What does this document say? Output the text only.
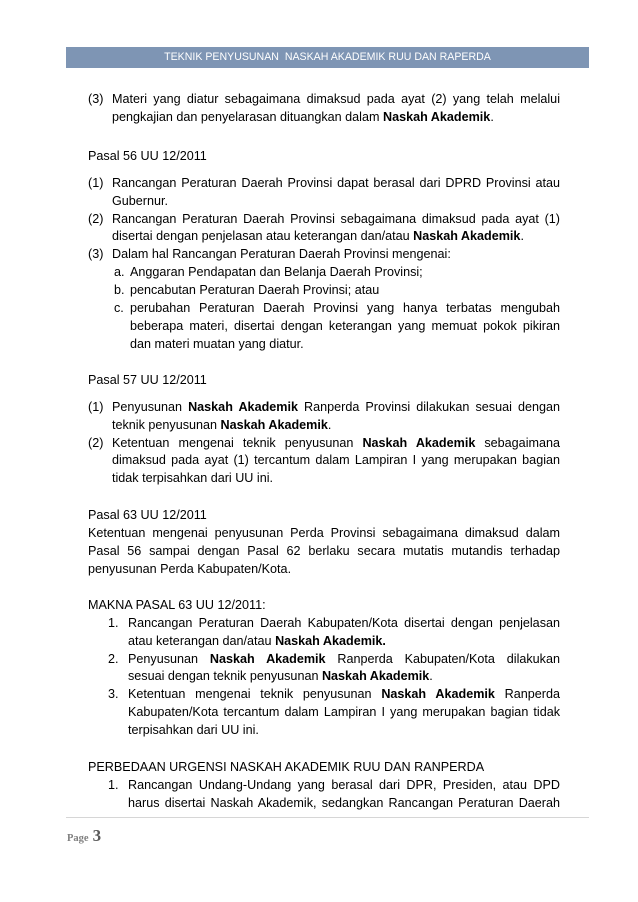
TEKNIK PENYUSUNAN  NASKAH AKADEMIK RUU DAN RAPERDA
(3) Materi yang diatur sebagaimana dimaksud pada ayat (2) yang telah melalui
pengkajian dan penyelarasan dituangkan dalam Naskah Akademik.
Pasal 56 UU 12/2011
(1) Rancangan Peraturan Daerah Provinsi dapat berasal dari DPRD Provinsi atau
Gubernur.
(2) Rancangan Peraturan Daerah Provinsi sebagaimana dimaksud pada ayat (1)
disertai dengan penjelasan atau keterangan dan/atau Naskah Akademik.
(3) Dalam hal Rancangan Peraturan Daerah Provinsi mengenai:
a. Anggaran Pendapatan dan Belanja Daerah Provinsi;
b. pencabutan Peraturan Daerah Provinsi; atau
c. perubahan Peraturan Daerah Provinsi yang hanya terbatas mengubah
beberapa materi, disertai dengan keterangan yang memuat pokok pikiran
dan materi muatan yang diatur.
Pasal 57 UU 12/2011
(1) Penyusunan Naskah Akademik Ranperda Provinsi dilakukan sesuai dengan
teknik penyusunan Naskah Akademik.
(2) Ketentuan mengenai teknik penyusunan Naskah Akademik sebagaimana
dimaksud pada ayat (1) tercantum dalam Lampiran I yang merupakan bagian
tidak terpisahkan dari UU ini.
Pasal 63 UU 12/2011
Ketentuan mengenai penyusunan Perda Provinsi sebagaimana dimaksud dalam
Pasal 56 sampai dengan Pasal 62 berlaku secara mutatis mutandis terhadap
penyusunan Perda Kabupaten/Kota.
MAKNA PASAL 63 UU 12/2011:
1. Rancangan Peraturan Daerah Kabupaten/Kota disertai dengan penjelasan
atau keterangan dan/atau Naskah Akademik.
2. Penyusunan Naskah Akademik Ranperda Kabupaten/Kota dilakukan
sesuai dengan teknik penyusunan Naskah Akademik.
3. Ketentuan mengenai teknik penyusunan Naskah Akademik Ranperda
Kabupaten/Kota tercantum dalam Lampiran I yang merupakan bagian tidak
terpisahkan dari UU ini.
PERBEDAAN URGENSI NASKAH AKADEMIK RUU DAN RANPERDA
1. Rancangan Undang-Undang yang berasal dari DPR, Presiden, atau DPD
harus disertai Naskah Akademik, sedangkan Rancangan Peraturan Daerah
Page 3
